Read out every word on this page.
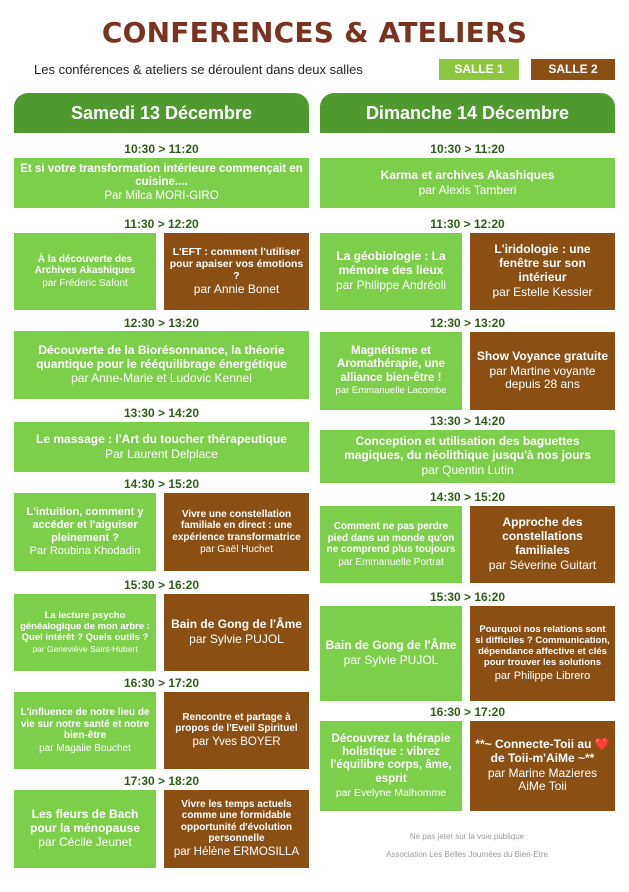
CONFERENCES & ATELIERS
Les conférences & ateliers se déroulent dans deux salles	SALLE 1	SALLE 2
Samedi 13 Décembre	Dimanche 14 Décembre
10:30 > 11:20
Et si votre transformation intérieure commençait en cuisine....
Par Milca MORI-GIRO
11:30 > 12:20
À la découverte des Archives Akashiques
par Fréderic Safont
L'EFT : comment l'utiliser pour apaiser vos émotions ?
par Annie Bonet
12:30 > 13:20
Découverte de la Biorésonnance, la théorie quantique pour le rééquilibrage énergétique
par Anne-Marie et Ludovic Kennel
13:30 > 14:20
Le massage : l'Art du toucher thérapeutique
Par Laurent Delplace
14:30 > 15:20
L'intuition, comment y accéder et l'aiguiser pleinement ?
Par Roubina Khodadin
Vivre une constellation familiale en direct : une expérience transformatrice
par Gaël Huchet
15:30 > 16:20
La lecture psycho généalogique de mon arbre : Quel intérêt ? Quels outils ?
par Geneviève Saint-Hubert
Bain de Gong de l'Âme
par Sylvie PUJOL
16:30 > 17:20
L'influence de notre lieu de vie sur notre santé et notre bien-être
par Magalie Bouchet
Rencontre et partage à propos de l'Eveil Spirituel
par Yves BOYER
17:30 > 18:20
Les fleurs de Bach pour la ménopause
par Cécile Jeunet
Vivre les temps actuels comme une formidable opportunité d'évolution personnelle
par Hélène ERMOSILLA
10:30 > 11:20
Karma et archives Akashiques
par Alexis Tamberi
11:30 > 12:20
La géobiologie : La mémoire des lieux
par Philippe Andréoli
L'iridologie : une fenêtre sur son intérieur
par Estelle Kessler
12:30 > 13:20
Magnétisme et Aromathérapie, une alliance bien-être !
par Emmanuelle Lacombe
Show Voyance gratuite
par Martine voyante depuis 28 ans
13:30 > 14:20
Conception et utilisation des baguettes magiques, du néolithique jusqu'à nos jours
par Quentin Lutin
14:30 > 15:20
Comment ne pas perdre pied dans un monde qu'on ne comprend plus toujours
par Emmanuelle Portrat
Approche des constellations familiales
par Séverine Guitart
15:30 > 16:20
Bain de Gong de l'Âme
par Sylvie PUJOL
Pourquoi nos relations sont si difficiles ? Communication, dépendance affective et clés pour trouver les solutions
par Philippe Librero
16:30 > 17:20
Découvrez la thérapie holistique : vibrez l'équilibre corps, âme, esprit
par Evelyne Malhomme
**~ Connecte-Toii au ❤️ de Toii-m'AiMe ~**
par Marine Mazieres AiMe Toii
Ne pas jeter sur la voie publique
Association Les Belles Journées du Bien-Etre
